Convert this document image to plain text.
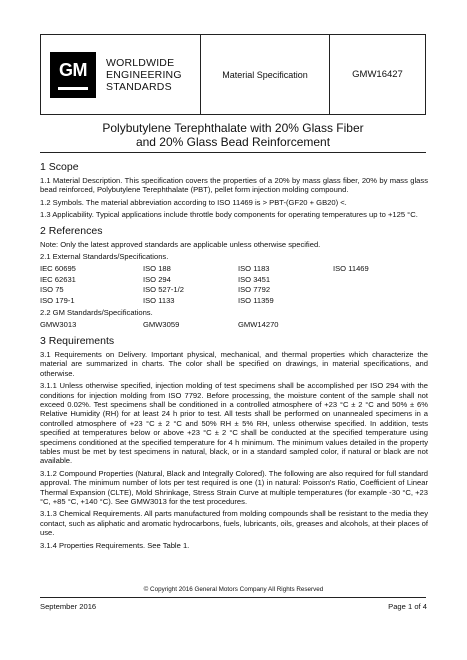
GM WORLDWIDE
ENGINEERING
STANDARDS
Material Specification	GMW16427
Polybutylene Terephthalate with 20% Glass Fiber
and 20% Glass Bead Reinforcement
1 Scope

1.1 Material Description. This specification covers the properties of a 20% by mass glass fiber, 20% by mass glass bead reinforced, Polybutylene Terephthalate (PBT), pellet form injection molding compound.

1.2 Symbols. The material abbreviation according to ISO 11469 is > PBT-(GF20 + GB20) <.

1.3 Applicability. Typical applications include throttle body components for operating temperatures up to +125 °C.

2 References

Note: Only the latest approved standards are applicable unless otherwise specified.

2.1 External Standards/Specifications.

IEC 60695	ISO 188	ISO 1183	ISO 11469
IEC 62631	ISO 294	ISO 3451
ISO 75	ISO 527-1/2	ISO 7792
ISO 179-1	ISO 1133	ISO 11359

2.2 GM Standards/Specifications.

GMW3013	GMW3059	GMW14270
3 Requirements

3.1 Requirements on Delivery. Important physical, mechanical, and thermal properties which characterize the material are summarized in charts. The color shall be specified on drawings, in material specifications, and otherwise.

3.1.1 Unless otherwise specified, injection molding of test specimens shall be accomplished per ISO 294 with the conditions for injection molding from ISO 7792. Before processing, the moisture content of the sample shall not exceed 0.02%. Test specimens shall be conditioned in a controlled atmosphere of +23 °C ± 2 °C and 50% ± 6% Relative Humidity (RH) for at least 24 h prior to test. All tests shall be performed on unannealed specimens in a controlled atmosphere of +23 °C ± 2 °C and 50% RH ± 5% RH, unless otherwise specified. In addition, tests specified at temperatures below or above +23 °C ± 2 °C shall be conducted at the specified temperature using specimens conditioned at the specified temperature for 4 h minimum. The minimum values detailed in the property tables must be met by test specimens in natural, black, or in a standard sampled color, if natural or black are not available.

3.1.2 Compound Properties (Natural, Black and Integrally Colored). The following are also required for full standard approval. The minimum number of lots per test required is one (1) in natural: Poisson's Ratio, Coefficient of Linear Thermal Expansion (CLTE), Mold Shrinkage, Stress Strain Curve at multiple temperatures (for example -30 °C, +23 °C, +85 °C, +140 °C). See GMW3013 for the test procedures.

3.1.3 Chemical Requirements. All parts manufactured from molding compounds shall be resistant to the media they contact, such as aliphatic and aromatic hydrocarbons, fuels, lubricants, oils, greases and alcohols, at their places of use.

3.1.4 Properties Requirements. See Table 1.

© Copyright 2016 General Motors Company All Rights Reserved
September 2016	Page 1 of 4
